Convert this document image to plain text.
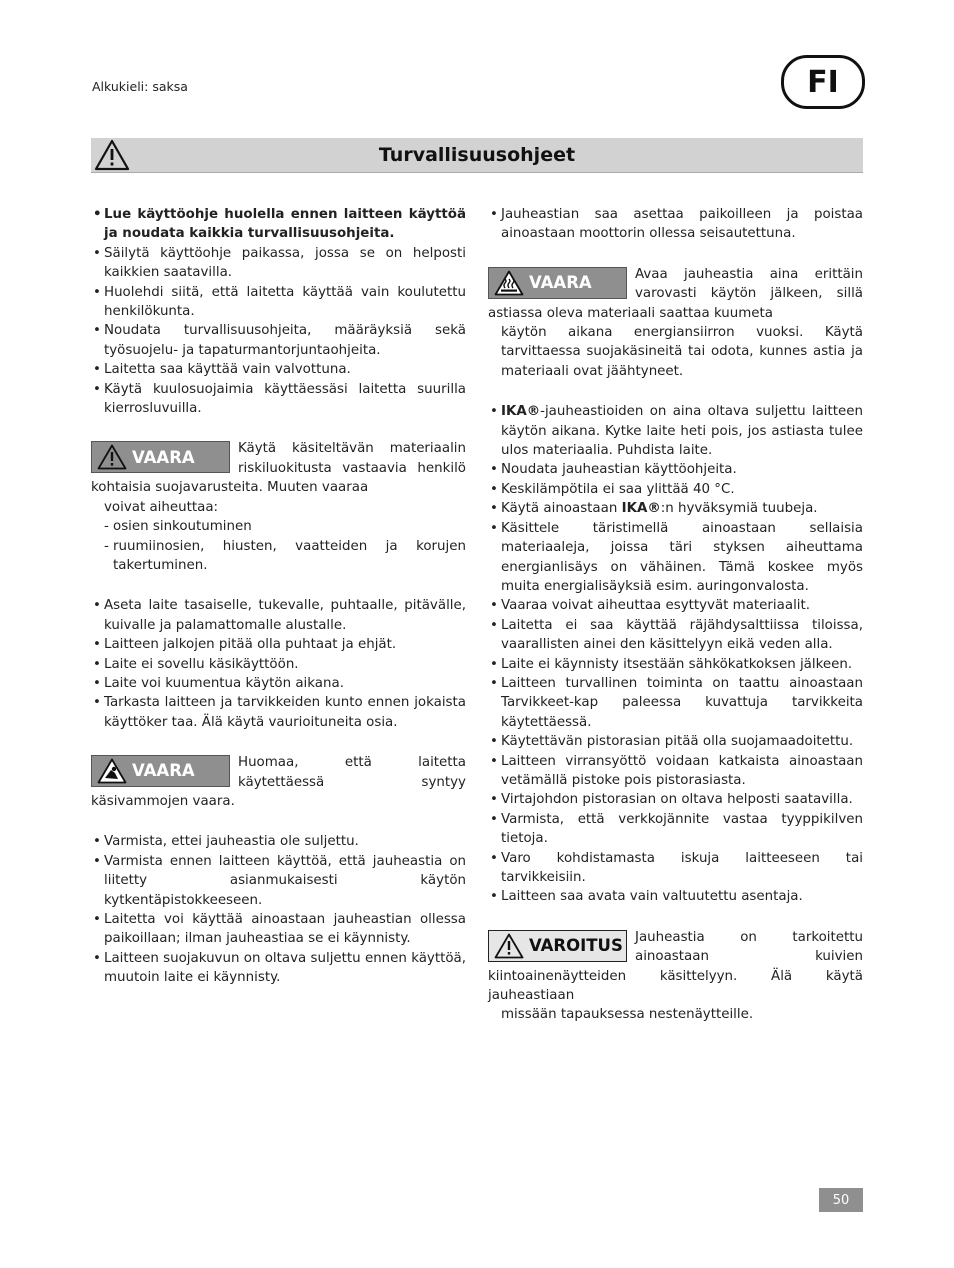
Alkukieli: saksa	FI
Turvallisuusohjeet
• Lue käyttöohje huolella ennen laitteen käyttöä ja noudata kaikkia turvallisuusohjeita.
• Säilytä käyttöohje paikassa, jossa se on helposti kaikkien saatavilla.
• Huolehdi siitä, että laitetta käyttää vain koulutettu henkilökunta.
• Noudata turvallisuusohjeita, määräyksiä sekä työsuojelu- ja tapaturmantorjuntaohjeita.
• Laitetta saa käyttää vain valvottuna.
• Käytä kuulosuojaimia käyttäessäsi laitetta suurilla kierrosluvuilla.
VAARA	Käytä käsiteltävän materiaalin riskiluokitusta vastaavia henkilö kohtaisia suojavarusteita. Muuten vaaraa
voivat aiheuttaa:
- osien sinkoutuminen
- ruumiinosien, hiusten, vaatteiden ja korujen takertuminen.
• Aseta laite tasaiselle, tukevalle, puhtaalle, pitävälle, kuivalle ja palamattomalle alustalle.
• Laitteen jalkojen pitää olla puhtaat ja ehjät.
• Laite ei sovellu käsikäyttöön.
• Laite voi kuumentua käytön aikana.
• Tarkasta laitteen ja tarvikkeiden kunto ennen jokaista käyttöker taa. Älä käytä vaurioituneita osia.
VAARA	Huomaa, että laitetta käytettäessä syntyy käsivammojen vaara.
• Varmista, ettei jauheastia ole suljettu.
• Varmista ennen laitteen käyttöä, että jauheastia on liitetty asianmukaisesti käytön kytkentäpistokkeeseen.
• Laitetta voi käyttää ainoastaan jauheastian ollessa paikoillaan; ilman jauheastiaa se ei käynnisty.
• Laitteen suojakuvun on oltava suljettu ennen käyttöä, muutoin laite ei käynnisty.
• Jauheastian saa asettaa paikoilleen ja poistaa ainoastaan moottorin ollessa seisautettuna.
VAARA	Avaa jauheastia aina erittäin varovasti käytön jälkeen, sillä astiassa oleva materiaali saattaa kuumeta
käytön aikana energiansiirron vuoksi. Käytä tarvittaessa suojakäsineitä tai odota, kunnes astia ja materiaali ovat jäähtyneet.
• IKA®-jauheastioiden on aina oltava suljettu laitteen käytön aikana. Kytke laite heti pois, jos astiasta tulee ulos materiaalia. Puhdista laite.
• Noudata jauheastian käyttöohjeita.
• Keskilämpötila ei saa ylittää 40 °C.
• Käytä ainoastaan IKA®:n hyväksymiä tuubeja.
• Käsittele täristimellä ainoastaan sellaisia materiaaleja, joissa täri styksen aiheuttama energianlisäys on vähäinen. Tämä koskee myös muita energialisäyksiä esim. auringonvalosta.
• Vaaraa voivat aiheuttaa esyttyvät materiaalit.
• Laitetta ei saa käyttää räjähdysalttiissa tiloissa, vaarallisten ainei den käsittelyyn eikä veden alla.
• Laite ei käynnisty itsestään sähkökatkoksen jälkeen.
• Laitteen turvallinen toiminta on taattu ainoastaan Tarvikkeet-kap paleessa kuvattuja tarvikkeita käytettäessä.
• Käytettävän pistorasian pitää olla suojamaadoitettu.
• Laitteen virransyöttö voidaan katkaista ainoastaan vetämällä pistoke pois pistorasiasta.
• Virtajohdon pistorasian on oltava helposti saatavilla.
• Varmista, että verkkojännite vastaa tyyppikilven tietoja.
• Varo kohdistamasta iskuja laitteeseen tai tarvikkeisiin.
• Laitteen saa avata vain valtuutettu asentaja.
VAROITUS Jauheastia on tarkoitettu ainoastaan kuivien kiintoainenäytteiden käsittelyyn. Älä käytä jauheastiaan
missään tapauksessa nestenäytteille.
50
